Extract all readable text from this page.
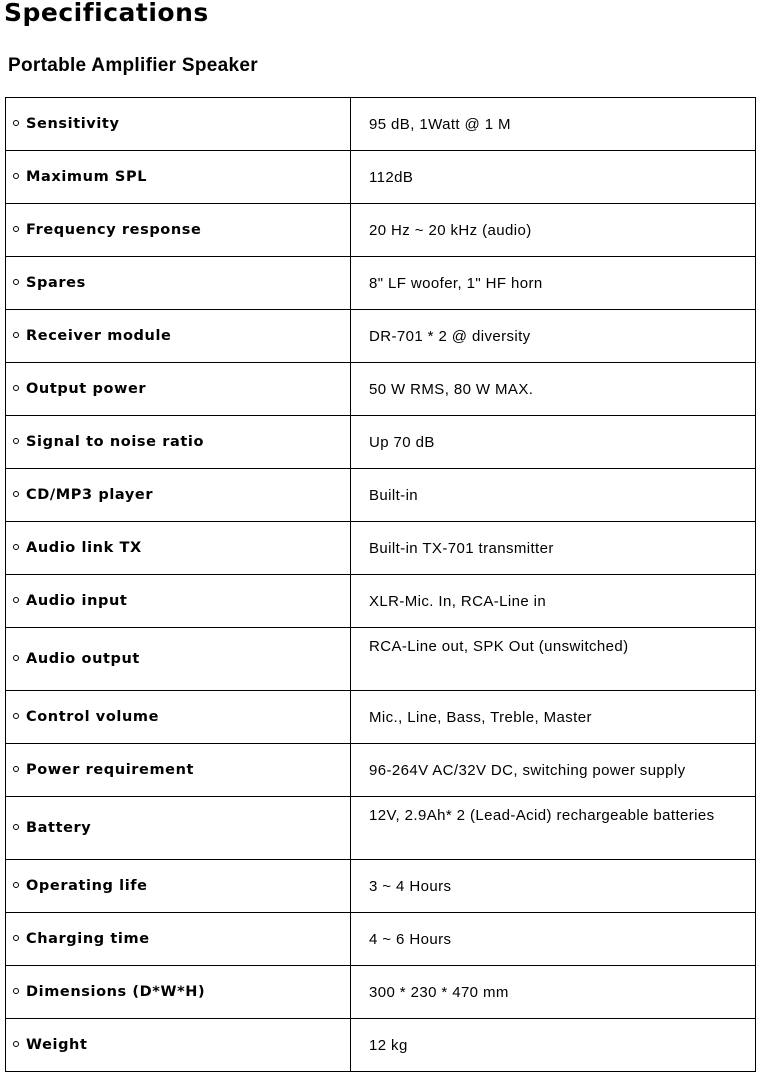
Specifications
Portable Amplifier Speaker
Sensitivity	95 dB, 1Watt @ 1 M
Maximum SPL	112dB
Frequency response	20 Hz ~ 20 kHz (audio)
Spares	8" LF woofer, 1" HF horn
Receiver module	DR-701 * 2 @ diversity
Output power	50 W RMS, 80 W MAX.
Signal to noise ratio	Up 70 dB
CD/MP3 player	Built-in
Audio link TX	Built-in TX-701 transmitter
Audio input	XLR-Mic. In, RCA-Line in
Audio output	RCA-Line out, SPK Out (unswitched)
Control volume	Mic., Line, Bass, Treble, Master
Power requirement	96-264V AC/32V DC, switching power supply
Battery	12V, 2.9Ah* 2 (Lead-Acid) rechargeable batteries
Operating life	3 ~ 4 Hours
Charging time	4 ~ 6 Hours
Dimensions (D*W*H)	300 * 230 * 470 mm
Weight	12 kg
